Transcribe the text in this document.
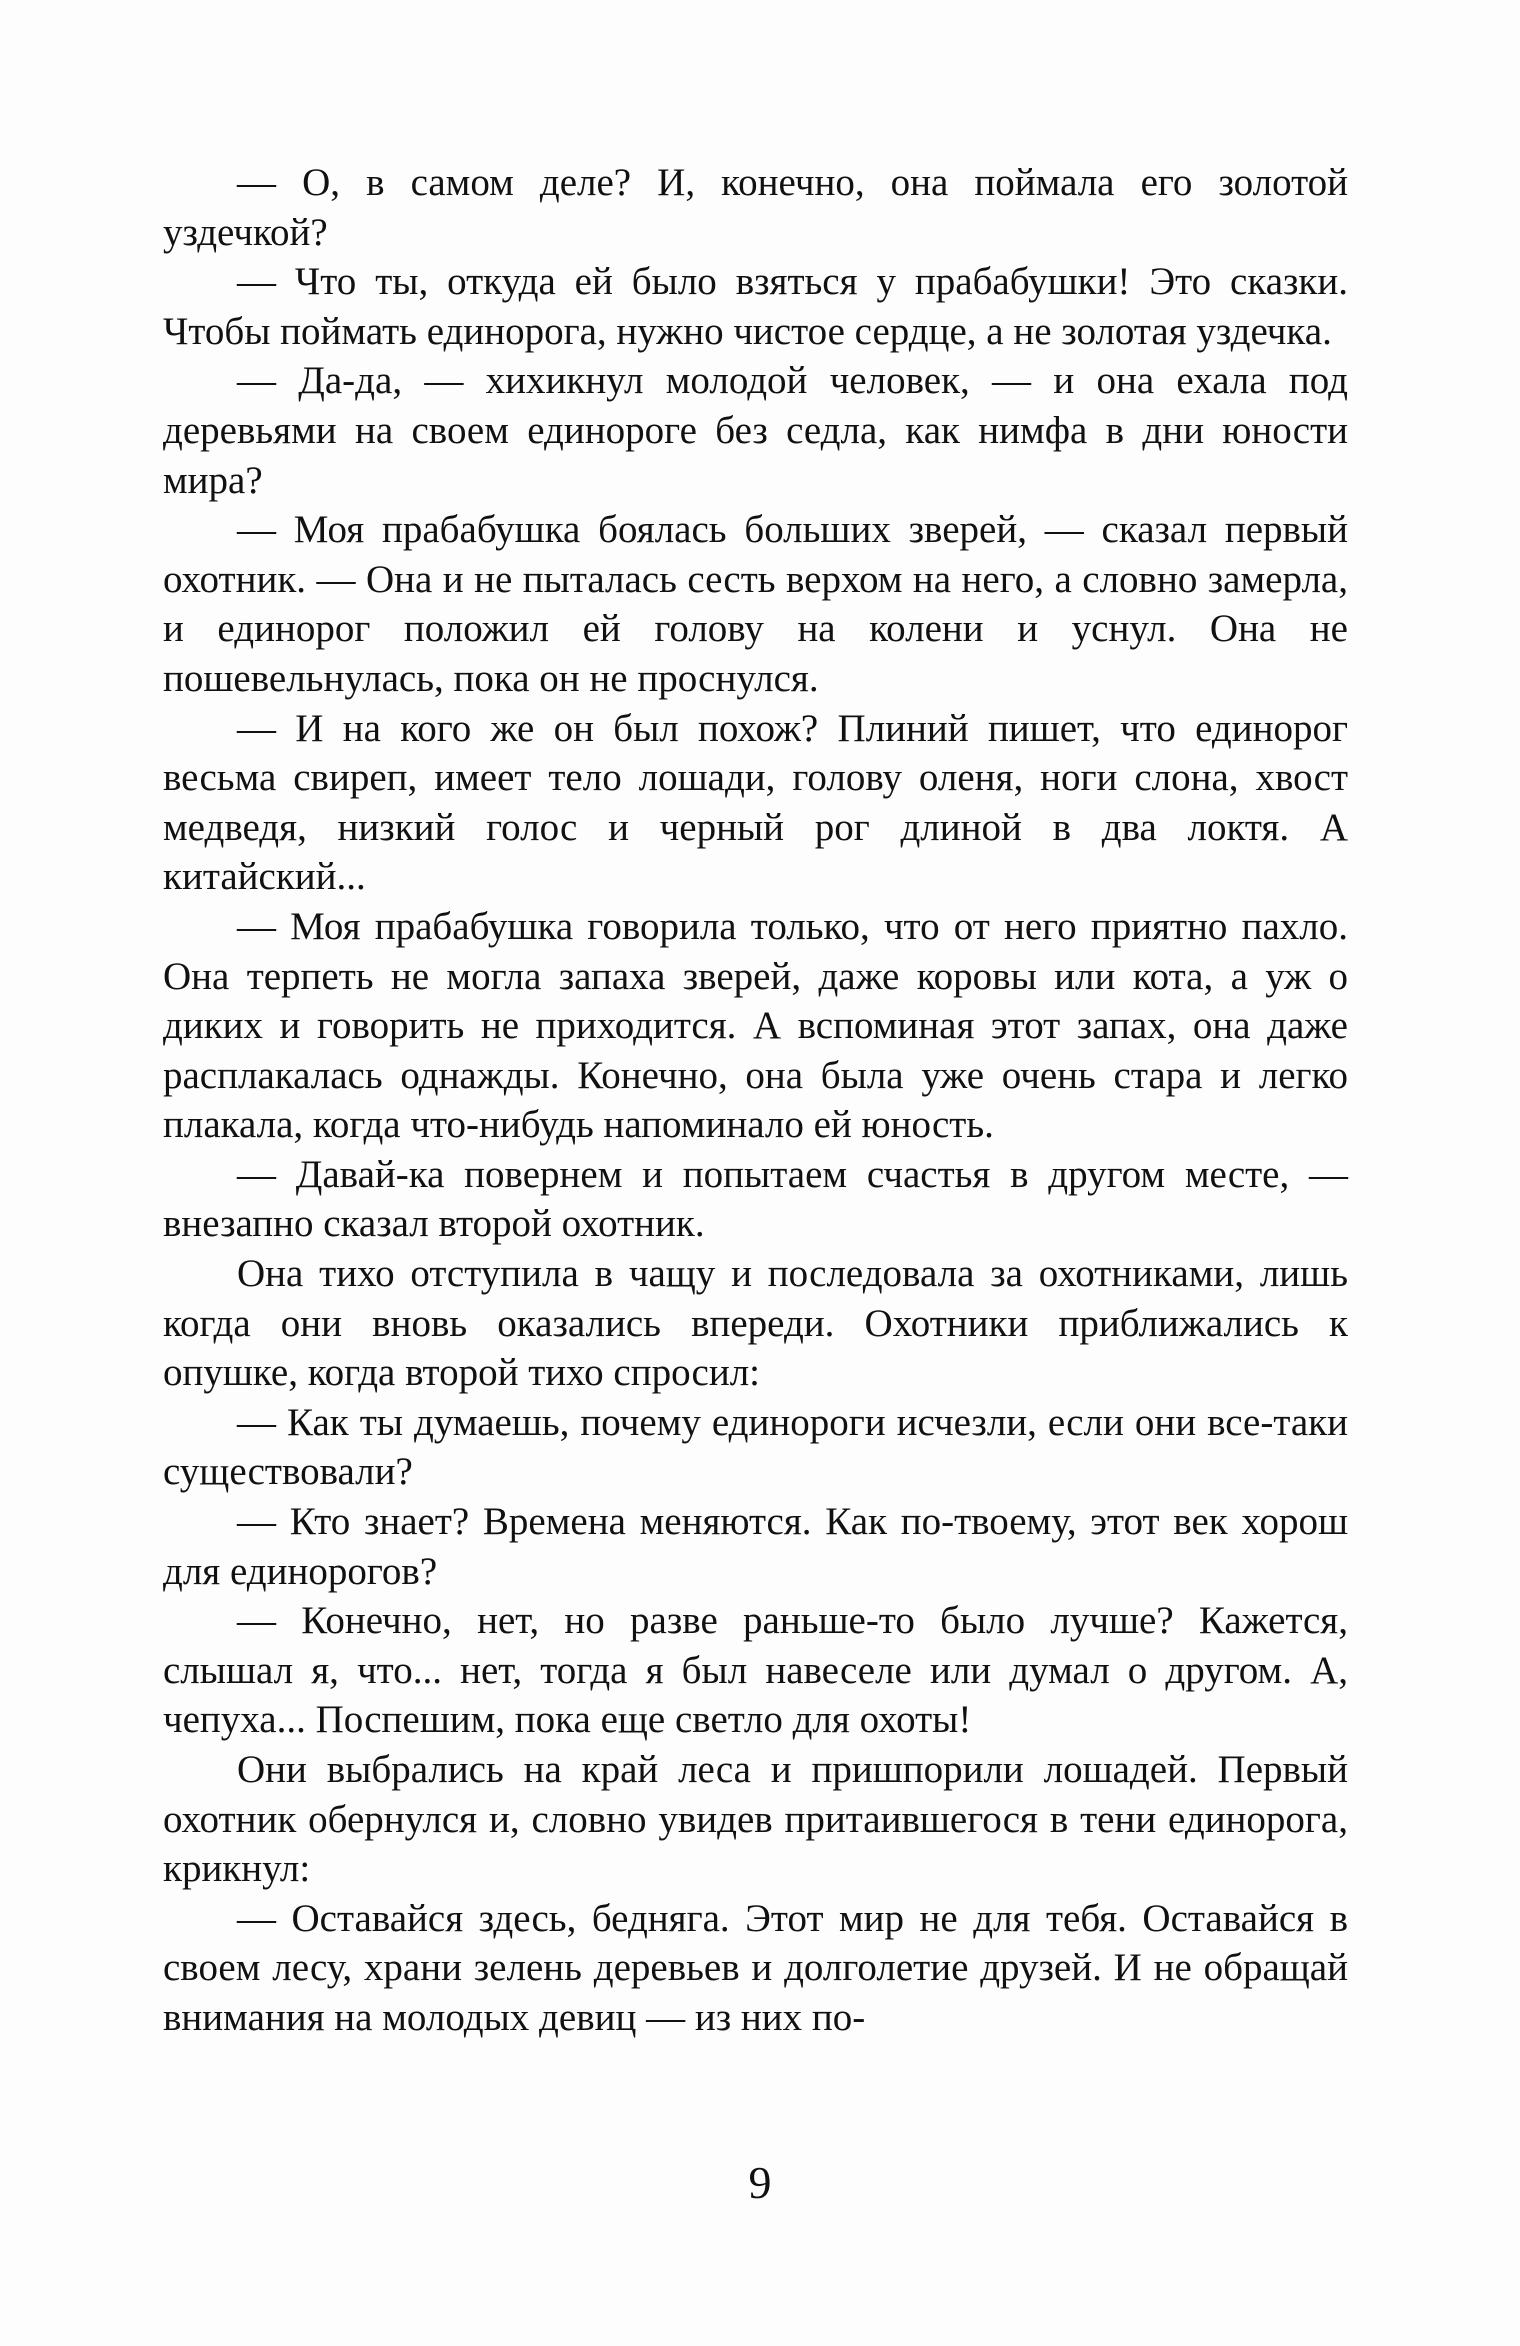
— О, в самом деле? И, конечно, она поймала его золотой уздечкой?

— Что ты, откуда ей было взяться у прабабушки! Это сказки. Чтобы поймать единорога, нужно чистое сердце, а не золотая уздечка.

— Да-да, — хихикнул молодой человек, — и она ехала под деревьями на своем единороге без седла, как нимфа в дни юности мира?

— Моя прабабушка боялась больших зверей, — сказал первый охотник. — Она и не пыталась сесть верхом на него, а словно замерла, и единорог положил ей голову на колени и уснул. Она не пошевельнулась, пока он не проснулся.

— И на кого же он был похож? Плиний пишет, что единорог весьма свиреп, имеет тело лошади, голову оленя, ноги слона, хвост медведя, низкий голос и черный рог длиной в два локтя. А китайский...

— Моя прабабушка говорила только, что от него приятно пахло. Она терпеть не могла запаха зверей, даже коровы или кота, а уж о диких и говорить не приходится. А вспоминая этот запах, она даже расплакалась однажды. Конечно, она была уже очень стара и легко плакала, когда что-нибудь напоминало ей юность.

— Давай-ка повернем и попытаем счастья в другом месте, — внезапно сказал второй охотник.

Она тихо отступила в чащу и последовала за охотниками, лишь когда они вновь оказались впереди. Охотники приближались к опушке, когда второй тихо спросил:

— Как ты думаешь, почему единороги исчезли, если они все-таки существовали?

— Кто знает? Времена меняются. Как по-твоему, этот век хорош для единорогов?

— Конечно, нет, но разве раньше-то было лучше? Кажется, слышал я, что... нет, тогда я был навеселе или думал о другом. А, чепуха... Поспешим, пока еще светло для охоты!

Они выбрались на край леса и пришпорили лошадей. Первый охотник обернулся и, словно увидев притаившегося в тени единорога, крикнул:

— Оставайся здесь, бедняга. Этот мир не для тебя. Оставайся в своем лесу, храни зелень деревьев и долголетие друзей. И не обращай внимания на молодых девиц — из них по-

9
